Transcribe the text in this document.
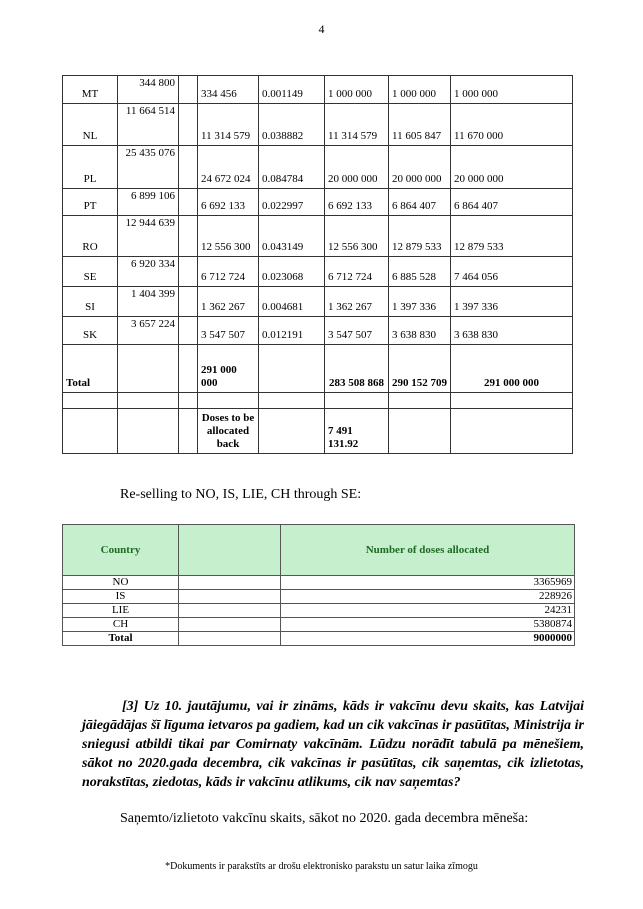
4
MT	344 800		334 456	0.001149	1 000 000	1 000 000	1 000 000
NL	11 664 514		11 314 579	0.038882	11 314 579	11 605 847	11 670 000
PL	25 435 076		24 672 024	0.084784	20 000 000	20 000 000	20 000 000
PT	6 899 106		6 692 133	0.022997	6 692 133	6 864 407	6 864 407
RO	12 944 639		12 556 300	0.043149	12 556 300	12 879 533	12 879 533
SE	6 920 334		6 712 724	0.023068	6 712 724	6 885 528	7 464 056
SI	1 404 399		1 362 267	0.004681	1 362 267	1 397 336	1 397 336
SK	3 657 224		3 547 507	0.012191	3 547 507	3 638 830	3 638 830
Total			291 000 000		283 508 868	290 152 709	291 000 000

			Doses to be allocated back		7 491 131.92		
Re-selling to NO, IS, LIE, CH through SE:
Country		Number of doses allocated
NO		3365969
IS		228926
LIE		24231
CH		5380874
Total		9000000
[3] Uz 10. jautājumu, vai ir zināms, kāds ir vakcīnu devu skaits, kas Latvijai jāiegādājas šī līguma ietvaros pa gadiem, kad un cik vakcīnas ir pasūtītas, Ministrija ir sniegusi atbildi tikai par Comirnaty vakcīnām. Lūdzu norādīt tabulā pa mēnešiem, sākot no 2020.gada decembra, cik vakcīnas ir pasūtītas, cik saņemtas, cik izlietotas, norakstītas, ziedotas, kāds ir vakcīnu atlikums, cik nav saņemtas?
Saņemto/izlietoto vakcīnu skaits, sākot no 2020. gada decembra mēneša:
*Dokuments ir parakstīts ar drošu elektronisko parakstu un satur laika zīmogu
